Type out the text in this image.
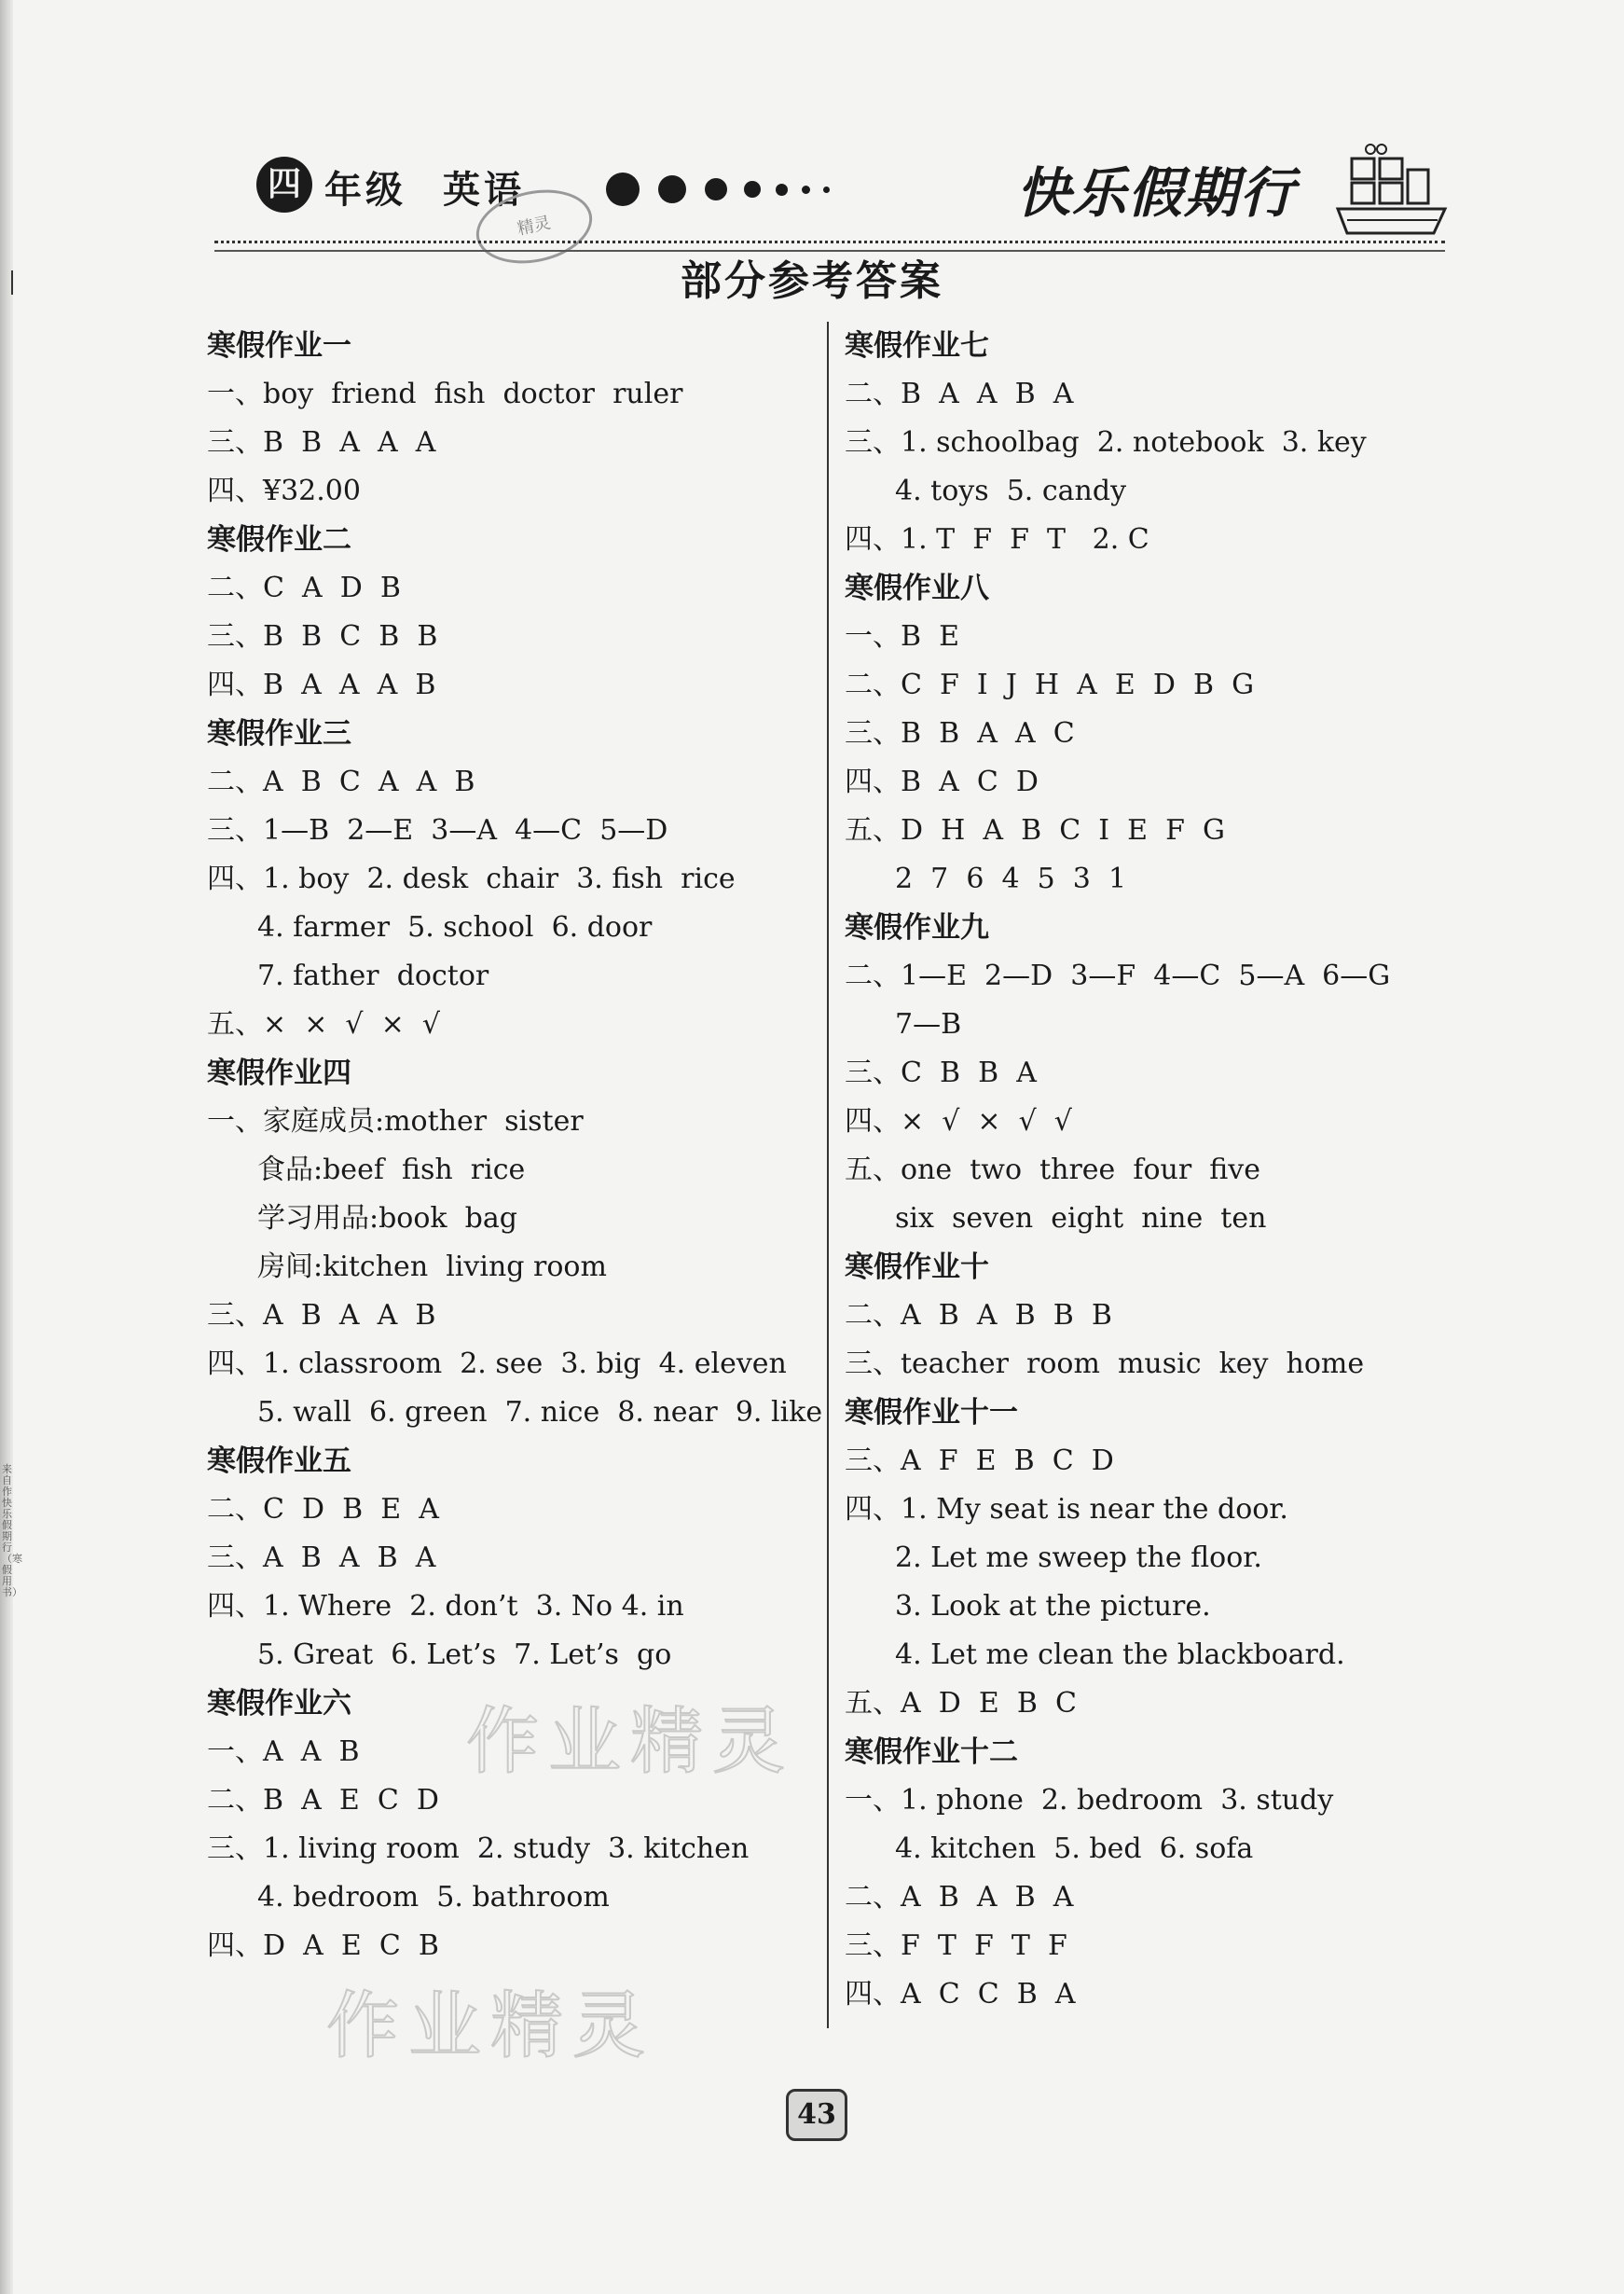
来自作快乐假期行（寒假用书）
四 年级 英语
精灵
快乐假期行
部分参考答案
寒假作业一
一、boy  friend  fish  doctor  ruler
三、B  B  A  A  A
四、¥32.00
寒假作业二
二、C  A  D  B
三、B  B  C  B  B
四、B  A  A  A  B
寒假作业三
二、A  B  C  A  A  B
三、1—B  2—E  3—A  4—C  5—D
四、1. boy  2. desk  chair  3. fish  rice
4. farmer  5. school  6. door
7. father  doctor
五、×  ×  √  ×  √
寒假作业四
一、家庭成员:mother  sister
食品:beef  fish  rice
学习用品:book  bag
房间:kitchen  living room
三、A  B  A  A  B
四、1. classroom  2. see  3. big  4. eleven
5. wall  6. green  7. nice  8. near  9. like
寒假作业五
二、C  D  B  E  A
三、A  B  A  B  A
四、1. Where  2. don’t  3. No 4. in
5. Great  6. Let’s  7. Let’s  go
寒假作业六
一、A  A  B
二、B  A  E  C  D
三、1. living room  2. study  3. kitchen
4. bedroom  5. bathroom
四、D  A  E  C  B
寒假作业七
二、B  A  A  B  A
三、1. schoolbag  2. notebook  3. key
4. toys  5. candy
四、1. T  F  F  T   2. C
寒假作业八
一、B  E
二、C  F  I  J  H  A  E  D  B  G
三、B  B  A  A  C
四、B  A  C  D
五、D  H  A  B  C  I  E  F  G
2  7  6  4  5  3  1
寒假作业九
二、1—E  2—D  3—F  4—C  5—A  6—G
7—B
三、C  B  B  A
四、×  √  ×  √  √
五、one  two  three  four  five
six  seven  eight  nine  ten
寒假作业十
二、A  B  A  B  B  B
三、teacher  room  music  key  home
寒假作业十一
三、A  F  E  B  C  D
四、1. My seat is near the door.
2. Let me sweep the floor.
3. Look at the picture.
4. Let me clean the blackboard.
五、A  D  E  B  C
寒假作业十二
一、1. phone  2. bedroom  3. study
4. kitchen  5. bed  6. sofa
二、A  B  A  B  A
三、F  T  F  T  F
四、A  C  C  B  A
作业精灵
作业精灵
43
